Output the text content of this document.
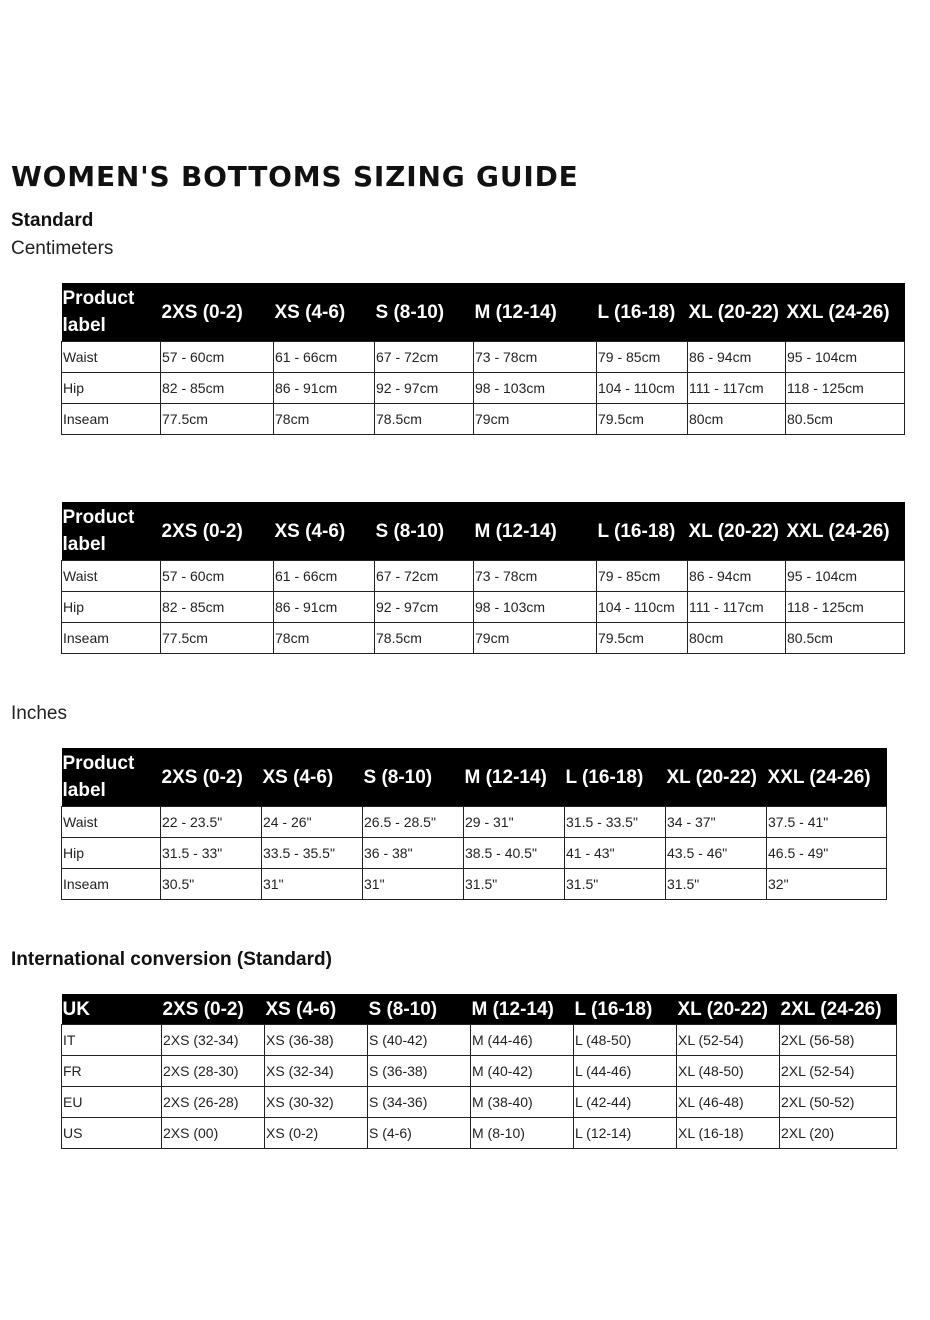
WOMEN'S BOTTOMS SIZING GUIDE
Standard
Centimeters
Product label	2XS (0-2)	XS (4-6)	S (8-10)	M (12-14)	L (16-18)	XL (20-22)	XXL (24-26)
Waist	57 - 60cm	61 - 66cm	67 - 72cm	73 - 78cm	79 - 85cm	86 - 94cm	95 - 104cm
Hip	82 - 85cm	86 - 91cm	92 - 97cm	98 - 103cm	104 - 110cm	111 - 117cm	118 - 125cm
Inseam	77.5cm	78cm	78.5cm	79cm	79.5cm	80cm	80.5cm
Product label	2XS (0-2)	XS (4-6)	S (8-10)	M (12-14)	L (16-18)	XL (20-22)	XXL (24-26)
Waist	57 - 60cm	61 - 66cm	67 - 72cm	73 - 78cm	79 - 85cm	86 - 94cm	95 - 104cm
Hip	82 - 85cm	86 - 91cm	92 - 97cm	98 - 103cm	104 - 110cm	111 - 117cm	118 - 125cm
Inseam	77.5cm	78cm	78.5cm	79cm	79.5cm	80cm	80.5cm
Inches
Product label	2XS (0-2)	XS (4-6)	S (8-10)	M (12-14)	L (16-18)	XL (20-22)	XXL (24-26)
Waist	22 - 23.5"	24 - 26"	26.5 - 28.5"	29 - 31"	31.5 - 33.5"	34 - 37"	37.5 - 41"
Hip	31.5 - 33"	33.5 - 35.5"	36 - 38"	38.5 - 40.5"	41 - 43"	43.5 - 46"	46.5 - 49"
Inseam	30.5"	31"	31"	31.5"	31.5"	31.5"	32"
International conversion (Standard)
UK	2XS (0-2)	XS (4-6)	S (8-10)	M (12-14)	L (16-18)	XL (20-22)	2XL (24-26)
IT	2XS (32-34)	XS (36-38)	S (40-42)	M (44-46)	L (48-50)	XL (52-54)	2XL (56-58)
FR	2XS (28-30)	XS (32-34)	S (36-38)	M (40-42)	L (44-46)	XL (48-50)	2XL (52-54)
EU	2XS (26-28)	XS (30-32)	S (34-36)	M (38-40)	L (42-44)	XL (46-48)	2XL (50-52)
US	2XS (00)	XS (0-2)	S (4-6)	M (8-10)	L (12-14)	XL (16-18)	2XL (20)
